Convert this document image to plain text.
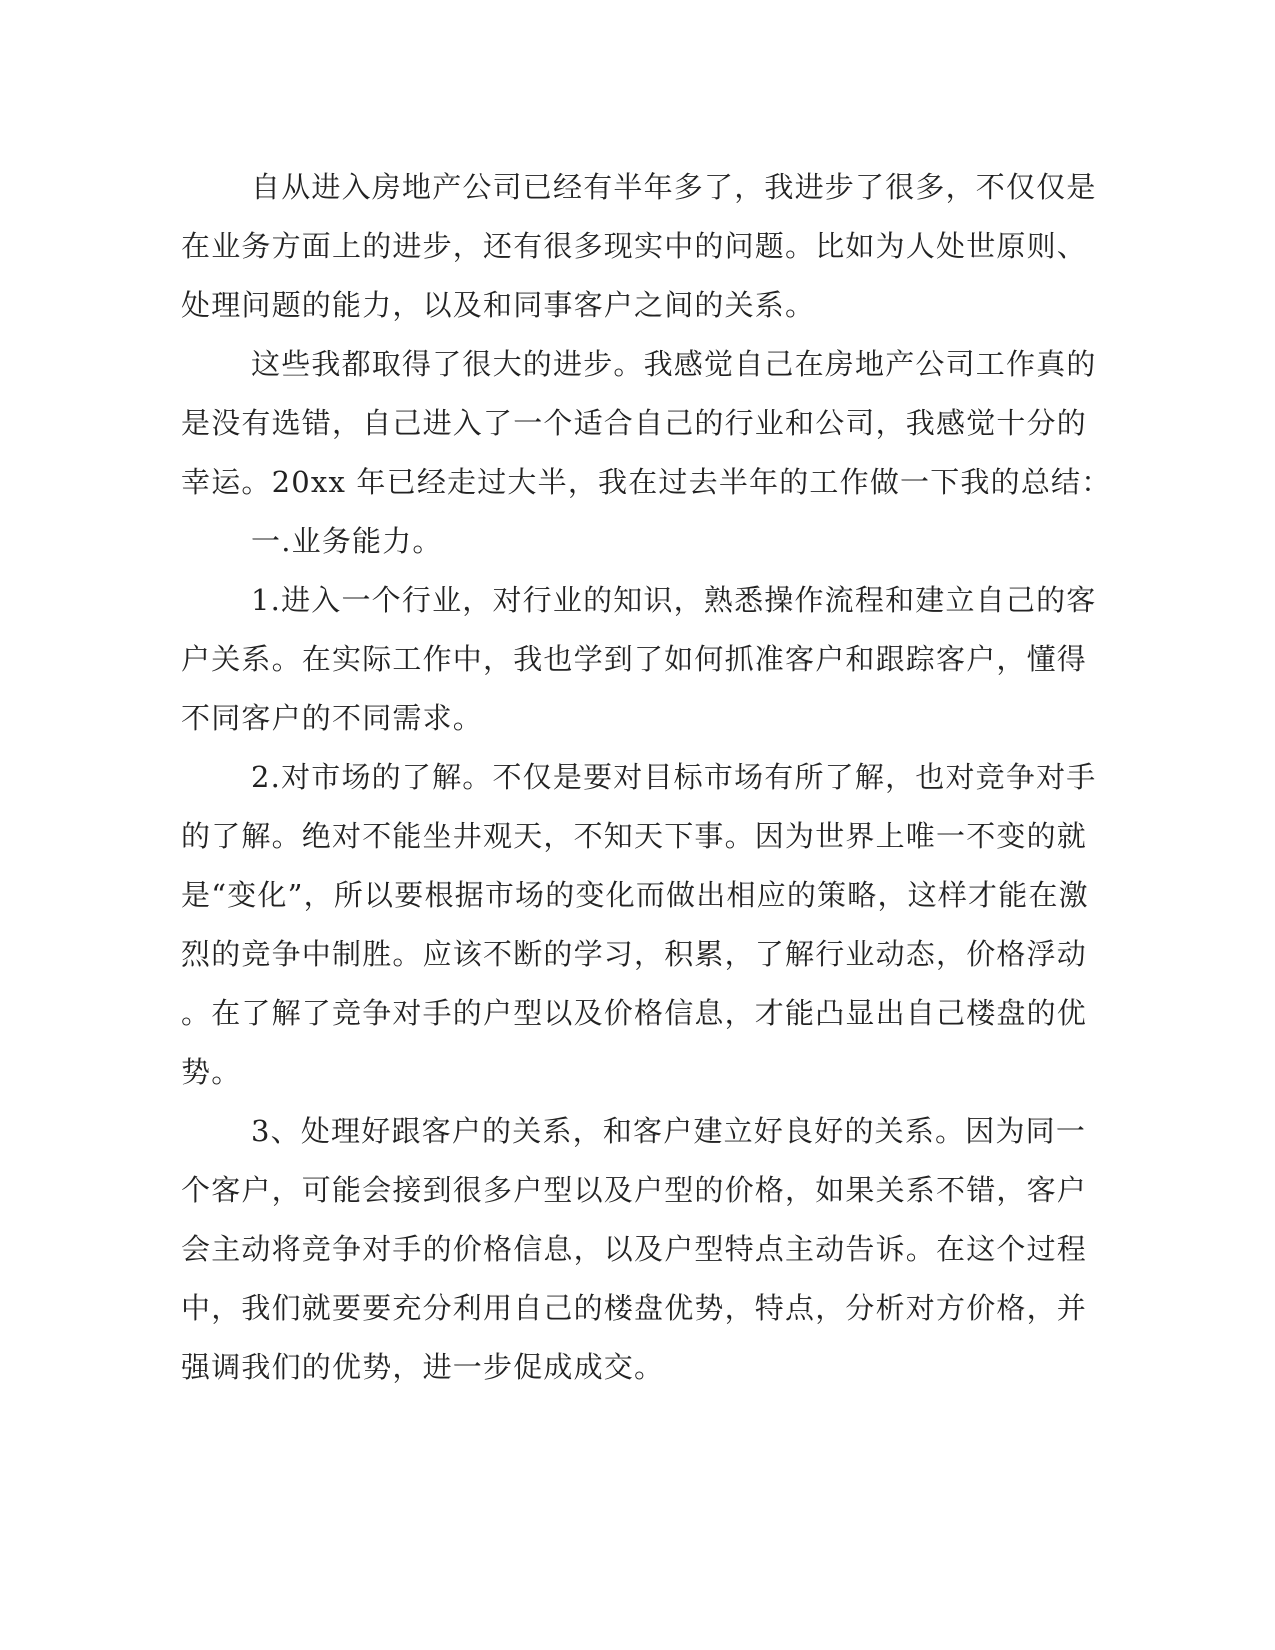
自从进入房地产公司已经有半年多了，我进步了很多，不仅仅是
在业务方面上的进步，还有很多现实中的问题。比如为人处世原则、
处理问题的能力，以及和同事客户之间的关系。
这些我都取得了很大的进步。我感觉自己在房地产公司工作真的
是没有选错，自己进入了一个适合自己的行业和公司，我感觉十分的
幸运。20xx 年已经走过大半，我在过去半年的工作做一下我的总结：
一.业务能力。
1.进入一个行业，对行业的知识，熟悉操作流程和建立自己的客
户关系。在实际工作中，我也学到了如何抓准客户和跟踪客户，懂得
不同客户的不同需求。
2.对市场的了解。不仅是要对目标市场有所了解，也对竞争对手
的了解。绝对不能坐井观天，不知天下事。因为世界上唯一不变的就
是“变化”，所以要根据市场的变化而做出相应的策略，这样才能在激
烈的竞争中制胜。应该不断的学习，积累，了解行业动态，价格浮动
。在了解了竞争对手的户型以及价格信息，才能凸显出自己楼盘的优
势。
3、处理好跟客户的关系，和客户建立好良好的关系。因为同一
个客户，可能会接到很多户型以及户型的价格，如果关系不错，客户
会主动将竞争对手的价格信息，以及户型特点主动告诉。在这个过程
中，我们就要要充分利用自己的楼盘优势，特点，分析对方价格，并
强调我们的优势，进一步促成成交。
